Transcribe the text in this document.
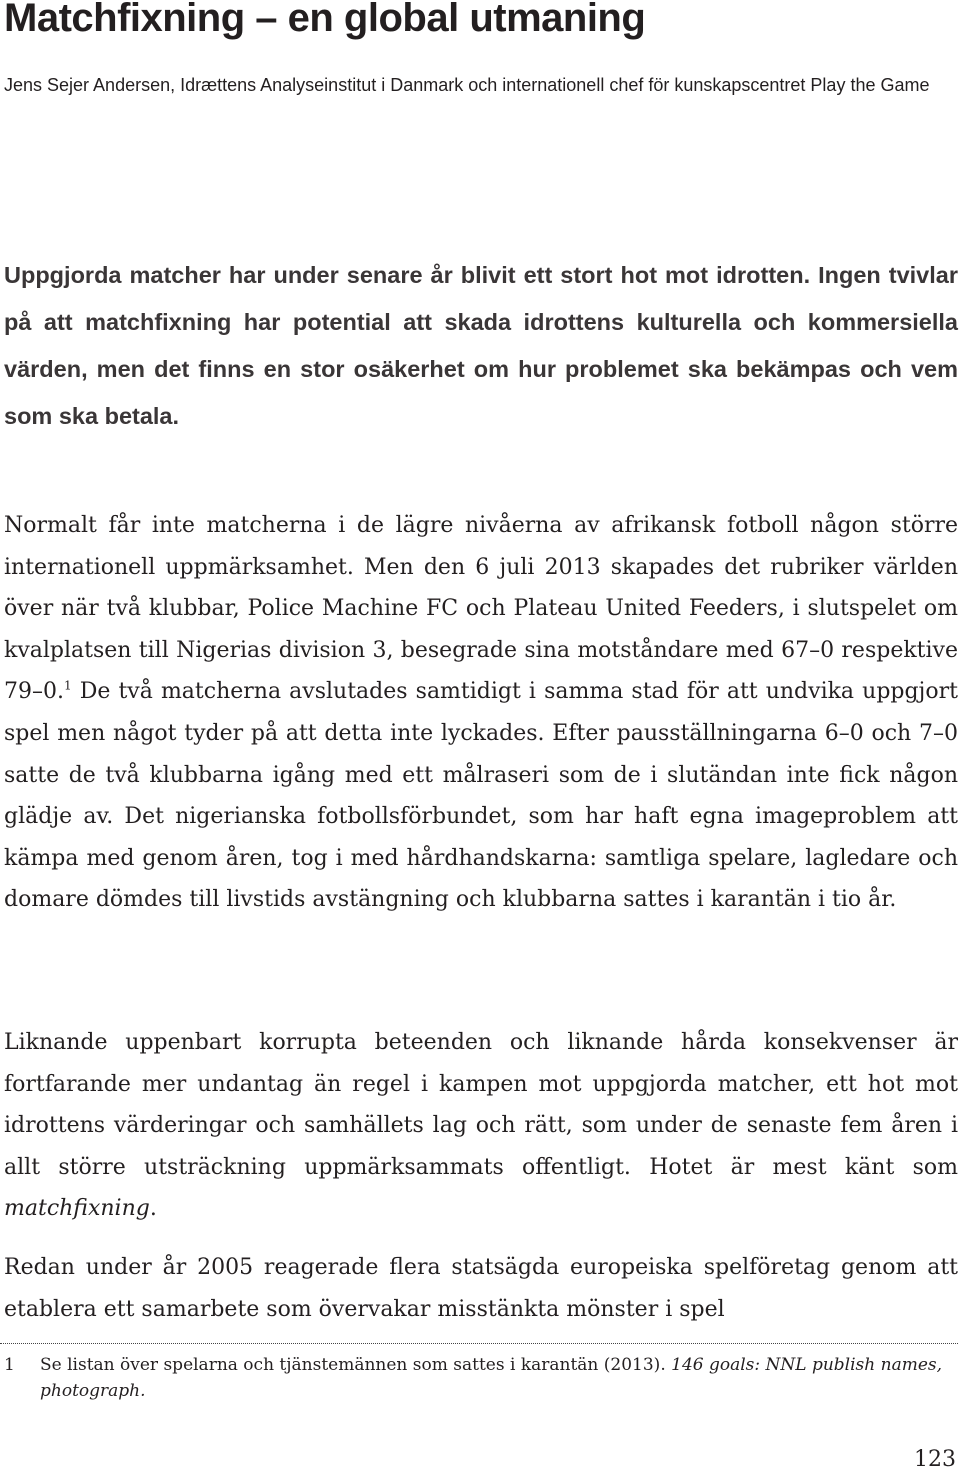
Matchfixning – en global utmaning

Jens Sejer Andersen, Idrættens Analyseinstitut i Danmark och internationell chef för kunskapscentret Play the Game

Uppgjorda matcher har under senare år blivit ett stort hot mot idrotten. Ingen tvivlar på att matchfixning har potential att skada idrottens kulturella och kommersiella värden, men det finns en stor osäkerhet om hur problemet ska bekämpas och vem som ska betala.

Normalt får inte matcherna i de lägre nivåerna av afrikansk fotboll någon större internationell uppmärksamhet. Men den 6 juli 2013 skapades det rubriker världen över när två klubbar, Police Machine FC och Plateau United Feeders, i slutspelet om kvalplatsen till Nigerias division 3, besegrade sina motståndare med 67–0 respektive 79–0.$^1$ De två matcherna avslutades samtidigt i samma stad för att undvika uppgjort spel men något tyder på att detta inte lyckades. Efter pausställningarna 6–0 och 7–0 satte de två klubbarna igång med ett målraseri som de i slutändan inte fick någon glädje av. Det nigerianska fotbollsförbundet, som har haft egna imageproblem att kämpa med genom åren, tog i med hårdhandskarna: samtliga spelare, lagledare och domare dömdes till livstids avstängning och klubbarna sattes i karantän i tio år.

Liknande uppenbart korrupta beteenden och liknande hårda konsekvenser är fortfarande mer undantag än regel i kampen mot uppgjorda matcher, ett hot mot idrottens värderingar och samhällets lag och rätt, som under de senaste fem åren i allt större utsträckning uppmärksammats offentligt. Hotet är mest känt som matchfixning.

Redan under år 2005 reagerade flera statsägda europeiska spelföretag genom att etablera ett samarbete som övervakar misstänkta mönster i spel

1 Se listan över spelarna och tjänstemännen som sattes i karantän (2013). 146 goals: NNL publish names, photograph.
123
